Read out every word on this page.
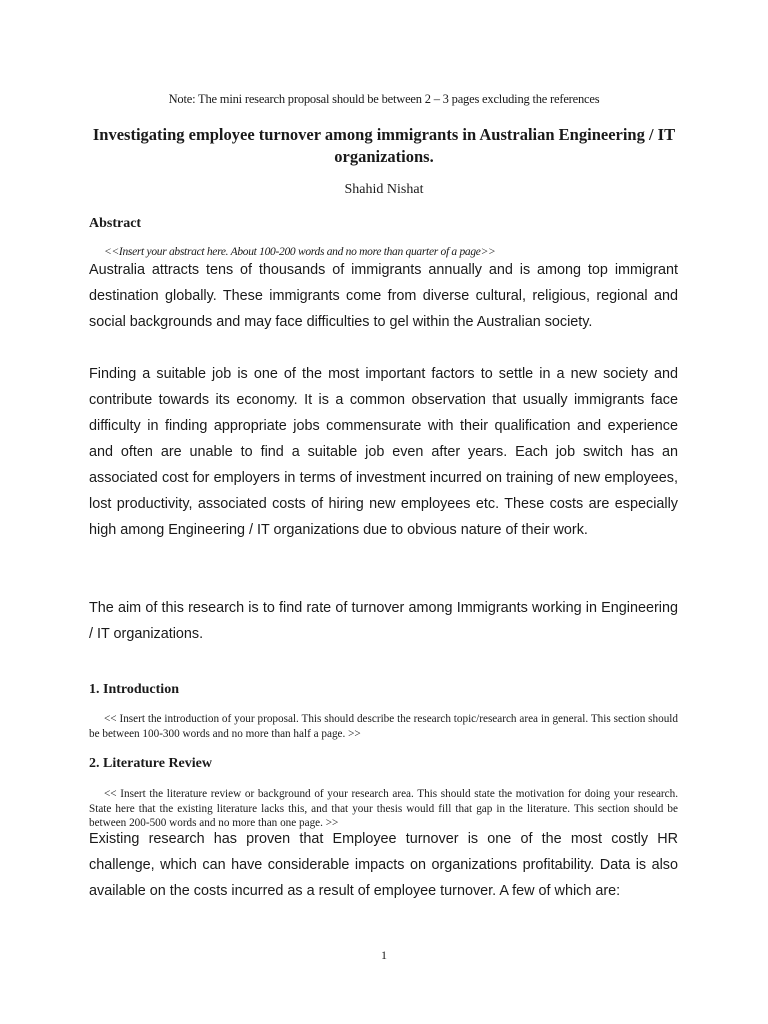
Note: The mini research proposal should be between 2 – 3 pages excluding the references
Investigating employee turnover among immigrants in Australian Engineering / IT organizations.
Shahid Nishat
Abstract
<<Insert your abstract here. About 100-200 words and no more than quarter of a page>>

Australia attracts tens of thousands of immigrants annually and is among top immigrant destination globally. These immigrants come from diverse cultural, religious, regional and social backgrounds and may face difficulties to gel within the Australian society.

Finding a suitable job is one of the most important factors to settle in a new society and contribute towards its economy. It is a common observation that usually immigrants face difficulty in finding appropriate jobs commensurate with their qualification and experience and often are unable to find a suitable job even after years. Each job switch has an associated cost for employers in terms of investment incurred on training of new employees, lost productivity, associated costs of hiring new employees etc. These costs are especially high among Engineering / IT organizations due to obvious nature of their work.

The aim of this research is to find rate of turnover among Immigrants working in Engineering / IT organizations.

1. Introduction

<< Insert the introduction of your proposal. This should describe the research topic/research area in general. This section should be between 100-300 words and no more than half a page. >>

2. Literature Review

<< Insert the literature review or background of your research area. This should state the motivation for doing your research. State here that the existing literature lacks this, and that your thesis would fill that gap in the literature. This section should be between 200-500 words and no more than one page. >>

Existing research has proven that Employee turnover is one of the most costly HR challenge, which can have considerable impacts on organizations profitability. Data is also available on the costs incurred as a result of employee turnover. A few of which are:

1
